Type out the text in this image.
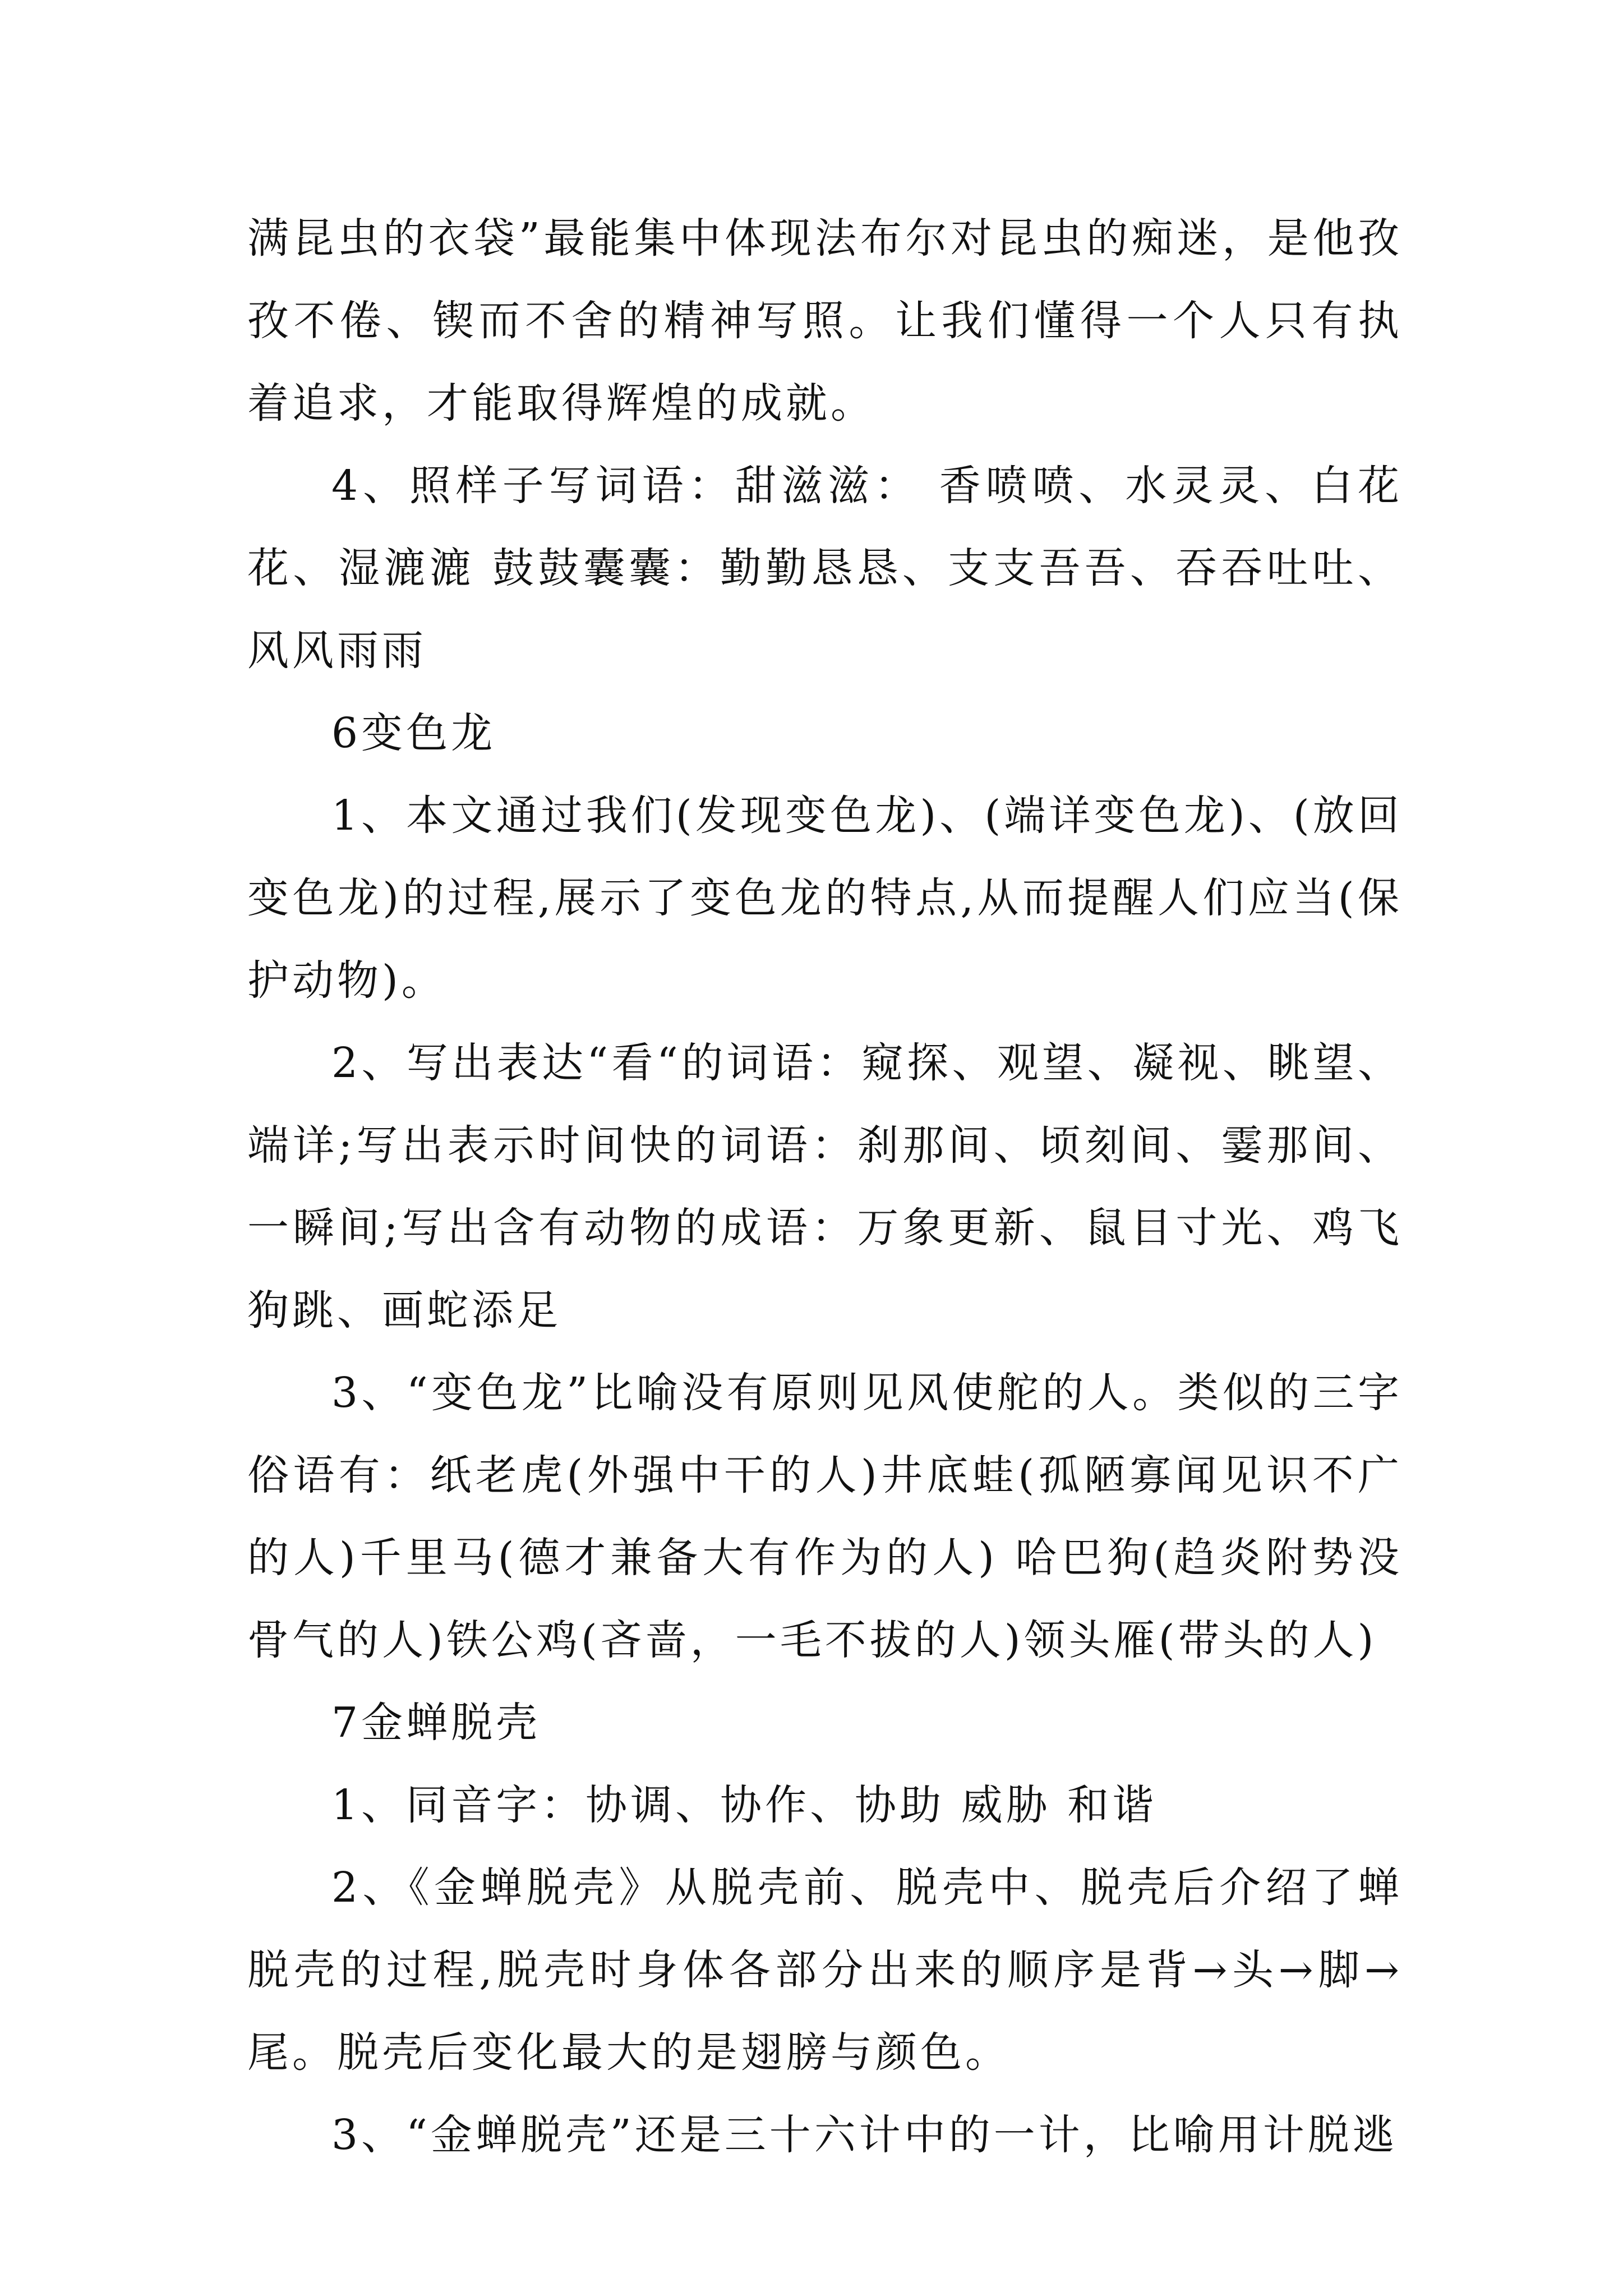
满昆虫的衣袋”最能集中体现法布尔对昆虫的痴迷，是他孜孜不倦、锲而不舍的精神写照。让我们懂得一个人只有执着追求，才能取得辉煌的成就。

4、照样子写词语：甜滋滋： 香喷喷、水灵灵、白花花、湿漉漉 鼓鼓囊囊：勤勤恳恳、支支吾吾、吞吞吐吐、风风雨雨

6变色龙

1、本文通过我们(发现变色龙)、(端详变色龙)、(放回变色龙)的过程,展示了变色龙的特点,从而提醒人们应当(保护动物)。

2、写出表达“看“的词语：窥探、观望、凝视、眺望、端详;写出表示时间快的词语：刹那间、顷刻间、霎那间、一瞬间;写出含有动物的成语：万象更新、鼠目寸光、鸡飞狗跳、画蛇添足

3、“变色龙”比喻没有原则见风使舵的人。类似的三字俗语有：纸老虎(外强中干的人)井底蛙(孤陋寡闻见识不广的人)千里马(德才兼备大有作为的人) 哈巴狗(趋炎附势没骨气的人)铁公鸡(吝啬，一毛不拔的人)领头雁(带头的人)

7金蝉脱壳

1、同音字：协调、协作、协助 威胁 和谐

2、《金蝉脱壳》从脱壳前、脱壳中、脱壳后介绍了蝉脱壳的过程,脱壳时身体各部分出来的顺序是背→头→脚→尾。脱壳后变化最大的是翅膀与颜色。

3、“金蝉脱壳”还是三十六计中的一计，比喻用计脱逃
